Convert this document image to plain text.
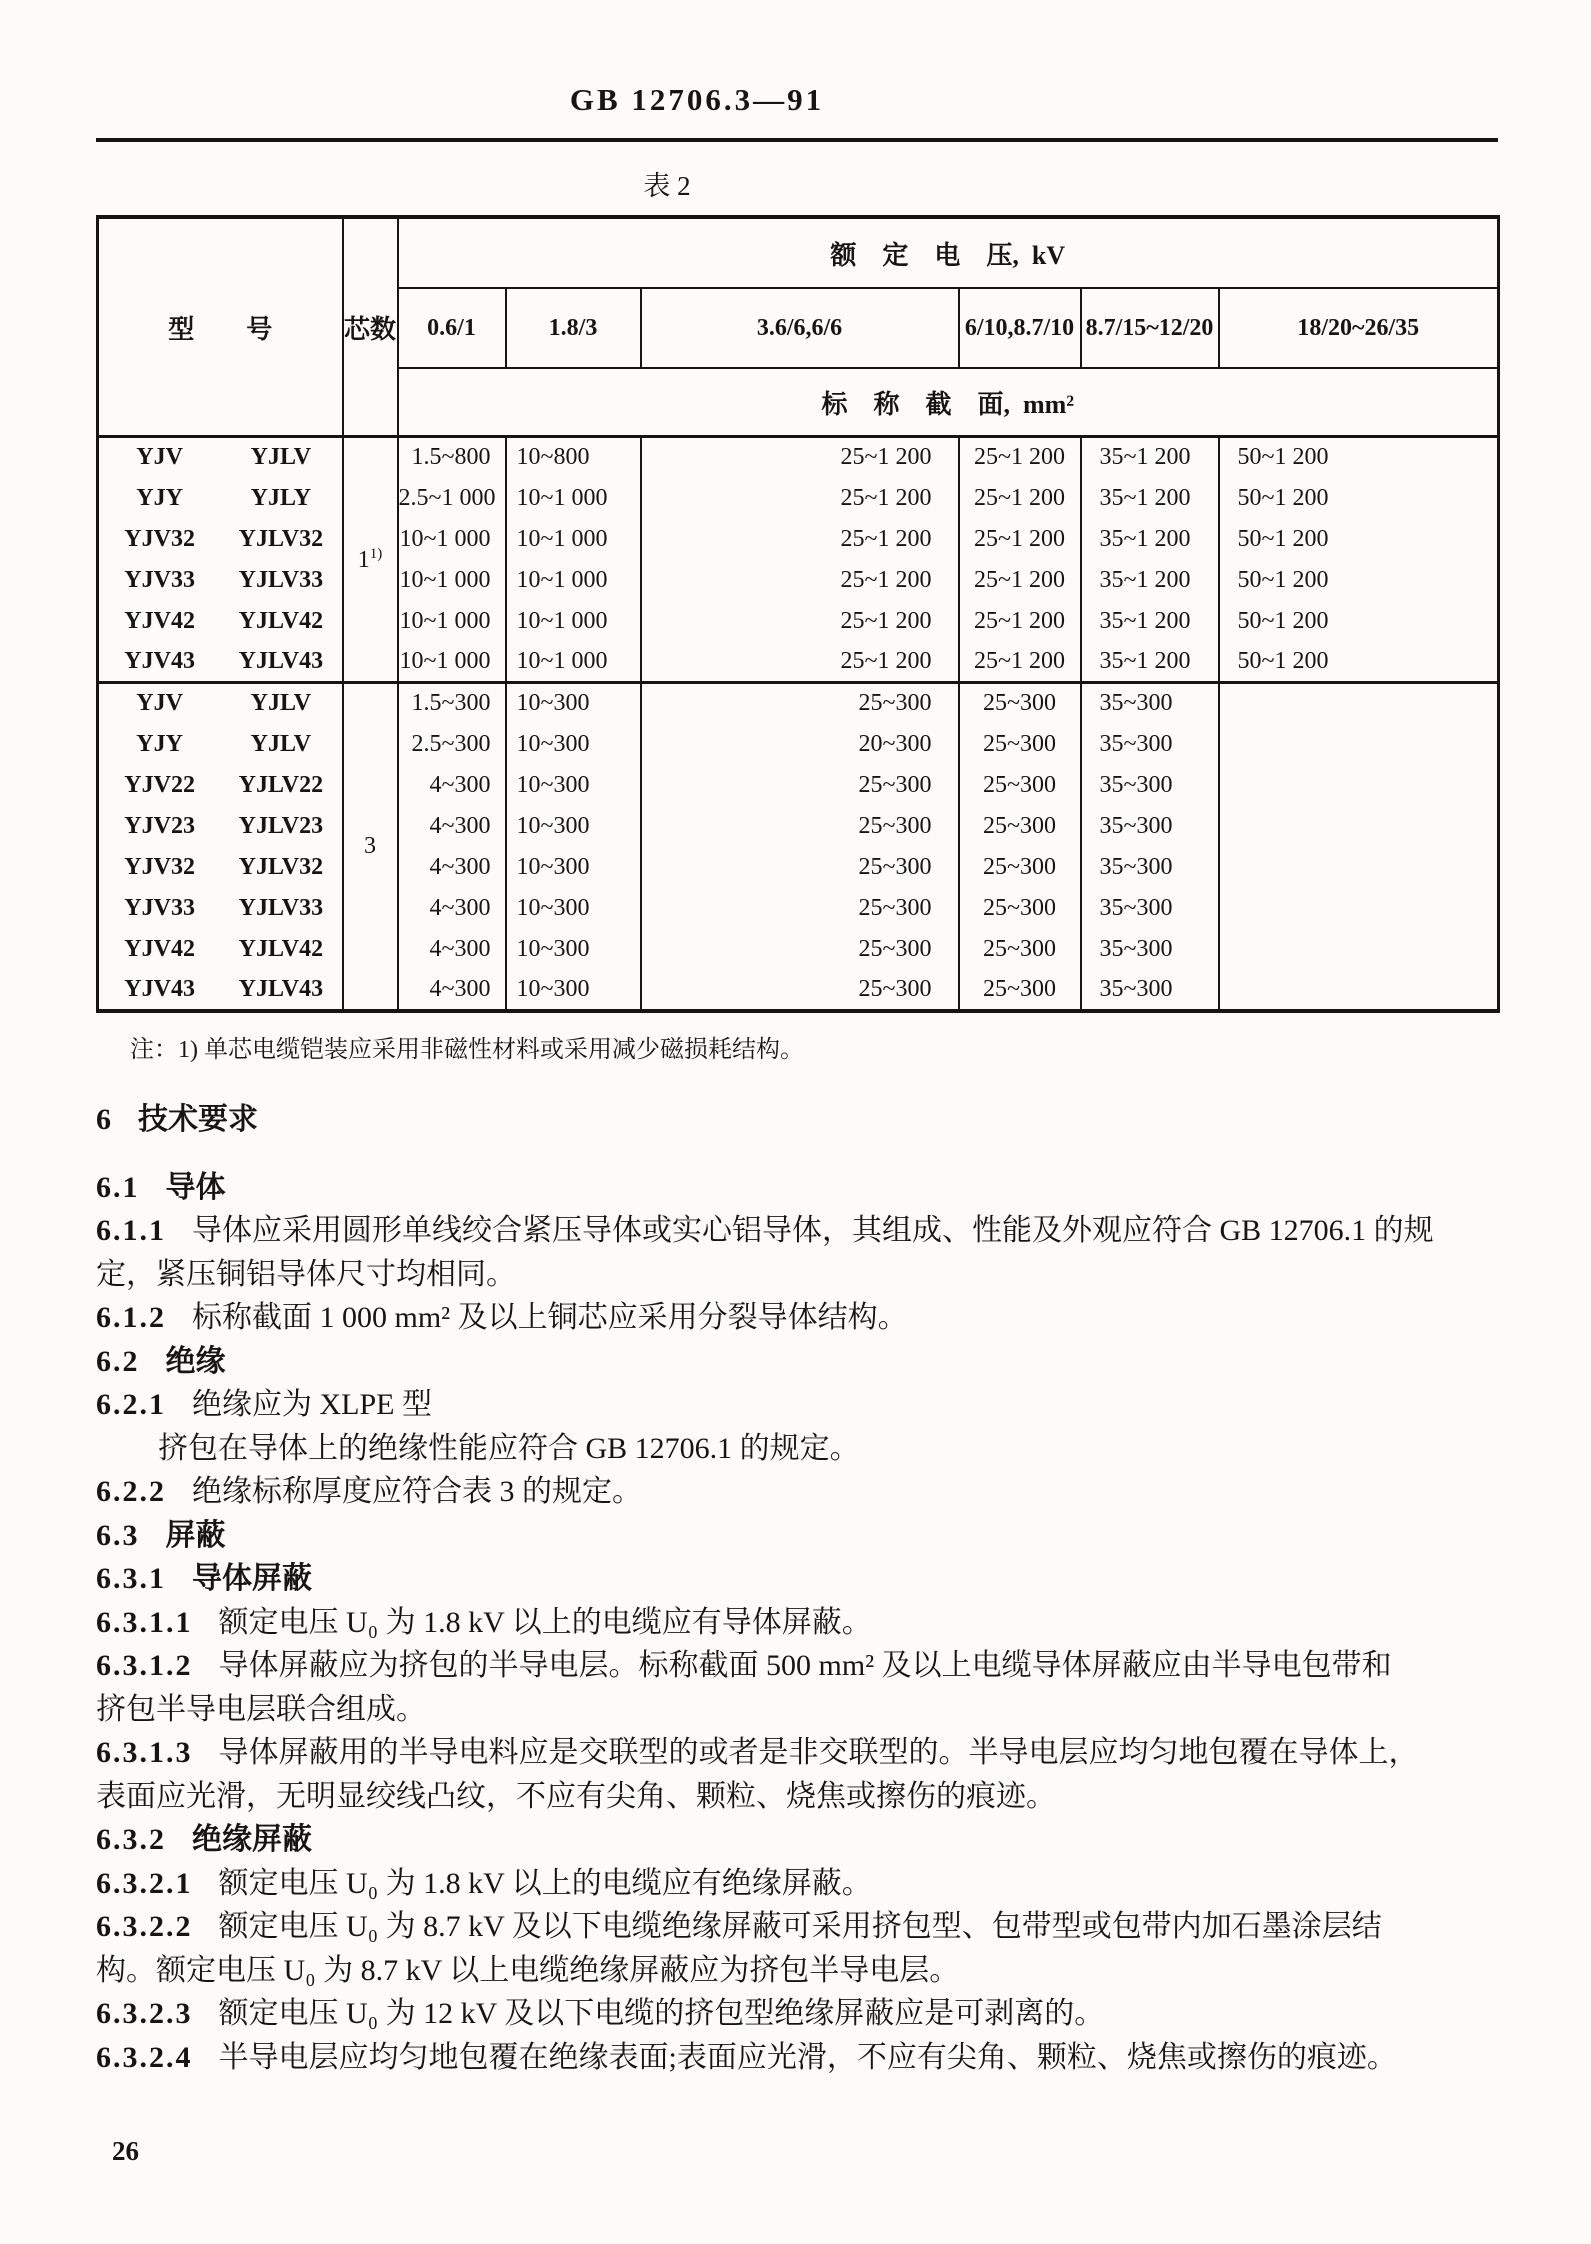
GB 12706.3—91
表 2
型　　号	芯数	额　定　电　压,  kV					
		0.6/1	1.8/3	3.6/6,6/6	6/10,8.7/10	8.7/15~12/20	18/20~26/35
		标　称　截　面,  mm²					
YJV YJLV	1$^{1)}$	1.5~800	10~800	25~1 200	25~1 200	35~1 200	50~1 200
YJY YJLY		2.5~1 000	10~1 000	25~1 200	25~1 200	35~1 200	50~1 200
YJV32 YJLV32		10~1 000	10~1 000	25~1 200	25~1 200	35~1 200	50~1 200
YJV33 YJLV33		10~1 000	10~1 000	25~1 200	25~1 200	35~1 200	50~1 200
YJV42 YJLV42		10~1 000	10~1 000	25~1 200	25~1 200	35~1 200	50~1 200
YJV43 YJLV43		10~1 000	10~1 000	25~1 200	25~1 200	35~1 200	50~1 200
YJV YJLV	3	1.5~300	10~300	25~300	25~300	35~300	
YJY YJLV		2.5~300	10~300	20~300	25~300	35~300	
YJV22 YJLV22		4~300	10~300	25~300	25~300	35~300	
YJV23 YJLV23		4~300	10~300	25~300	25~300	35~300	
YJV32 YJLV32		4~300	10~300	25~300	25~300	35~300	
YJV33 YJLV33		4~300	10~300	25~300	25~300	35~300	
YJV42 YJLV42		4~300	10~300	25~300	25~300	35~300	
YJV43 YJLV43		4~300	10~300	25~300	25~300	35~300	
注：1) 单芯电缆铠装应采用非磁性材料或采用减少磁损耗结构。
6 技术要求
6.1 导体
6.1.1 导体应采用圆形单线绞合紧压导体或实心铝导体，其组成、性能及外观应符合 GB 12706.1 的规
定，紧压铜铝导体尺寸均相同。
6.1.2 标称截面 1 000 mm² 及以上铜芯应采用分裂导体结构。
6.2 绝缘
6.2.1 绝缘应为 XLPE 型
挤包在导体上的绝缘性能应符合 GB 12706.1 的规定。
6.2.2 绝缘标称厚度应符合表 3 的规定。
6.3 屏蔽
6.3.1 导体屏蔽
6.3.1.1 额定电压 U₀ 为 1.8 kV 以上的电缆应有导体屏蔽。
6.3.1.2 导体屏蔽应为挤包的半导电层。标称截面 500 mm² 及以上电缆导体屏蔽应由半导电包带和
挤包半导电层联合组成。
6.3.1.3 导体屏蔽用的半导电料应是交联型的或者是非交联型的。半导电层应均匀地包覆在导体上，
表面应光滑，无明显绞线凸纹，不应有尖角、颗粒、烧焦或擦伤的痕迹。
6.3.2 绝缘屏蔽
6.3.2.1 额定电压 U₀ 为 1.8 kV 以上的电缆应有绝缘屏蔽。
6.3.2.2 额定电压 U₀ 为 8.7 kV 及以下电缆绝缘屏蔽可采用挤包型、包带型或包带内加石墨涂层结
构。额定电压 U₀ 为 8.7 kV 以上电缆绝缘屏蔽应为挤包半导电层。
6.3.2.3 额定电压 U₀ 为 12 kV 及以下电缆的挤包型绝缘屏蔽应是可剥离的。
6.3.2.4 半导电层应均匀地包覆在绝缘表面;表面应光滑，不应有尖角、颗粒、烧焦或擦伤的痕迹。
26
